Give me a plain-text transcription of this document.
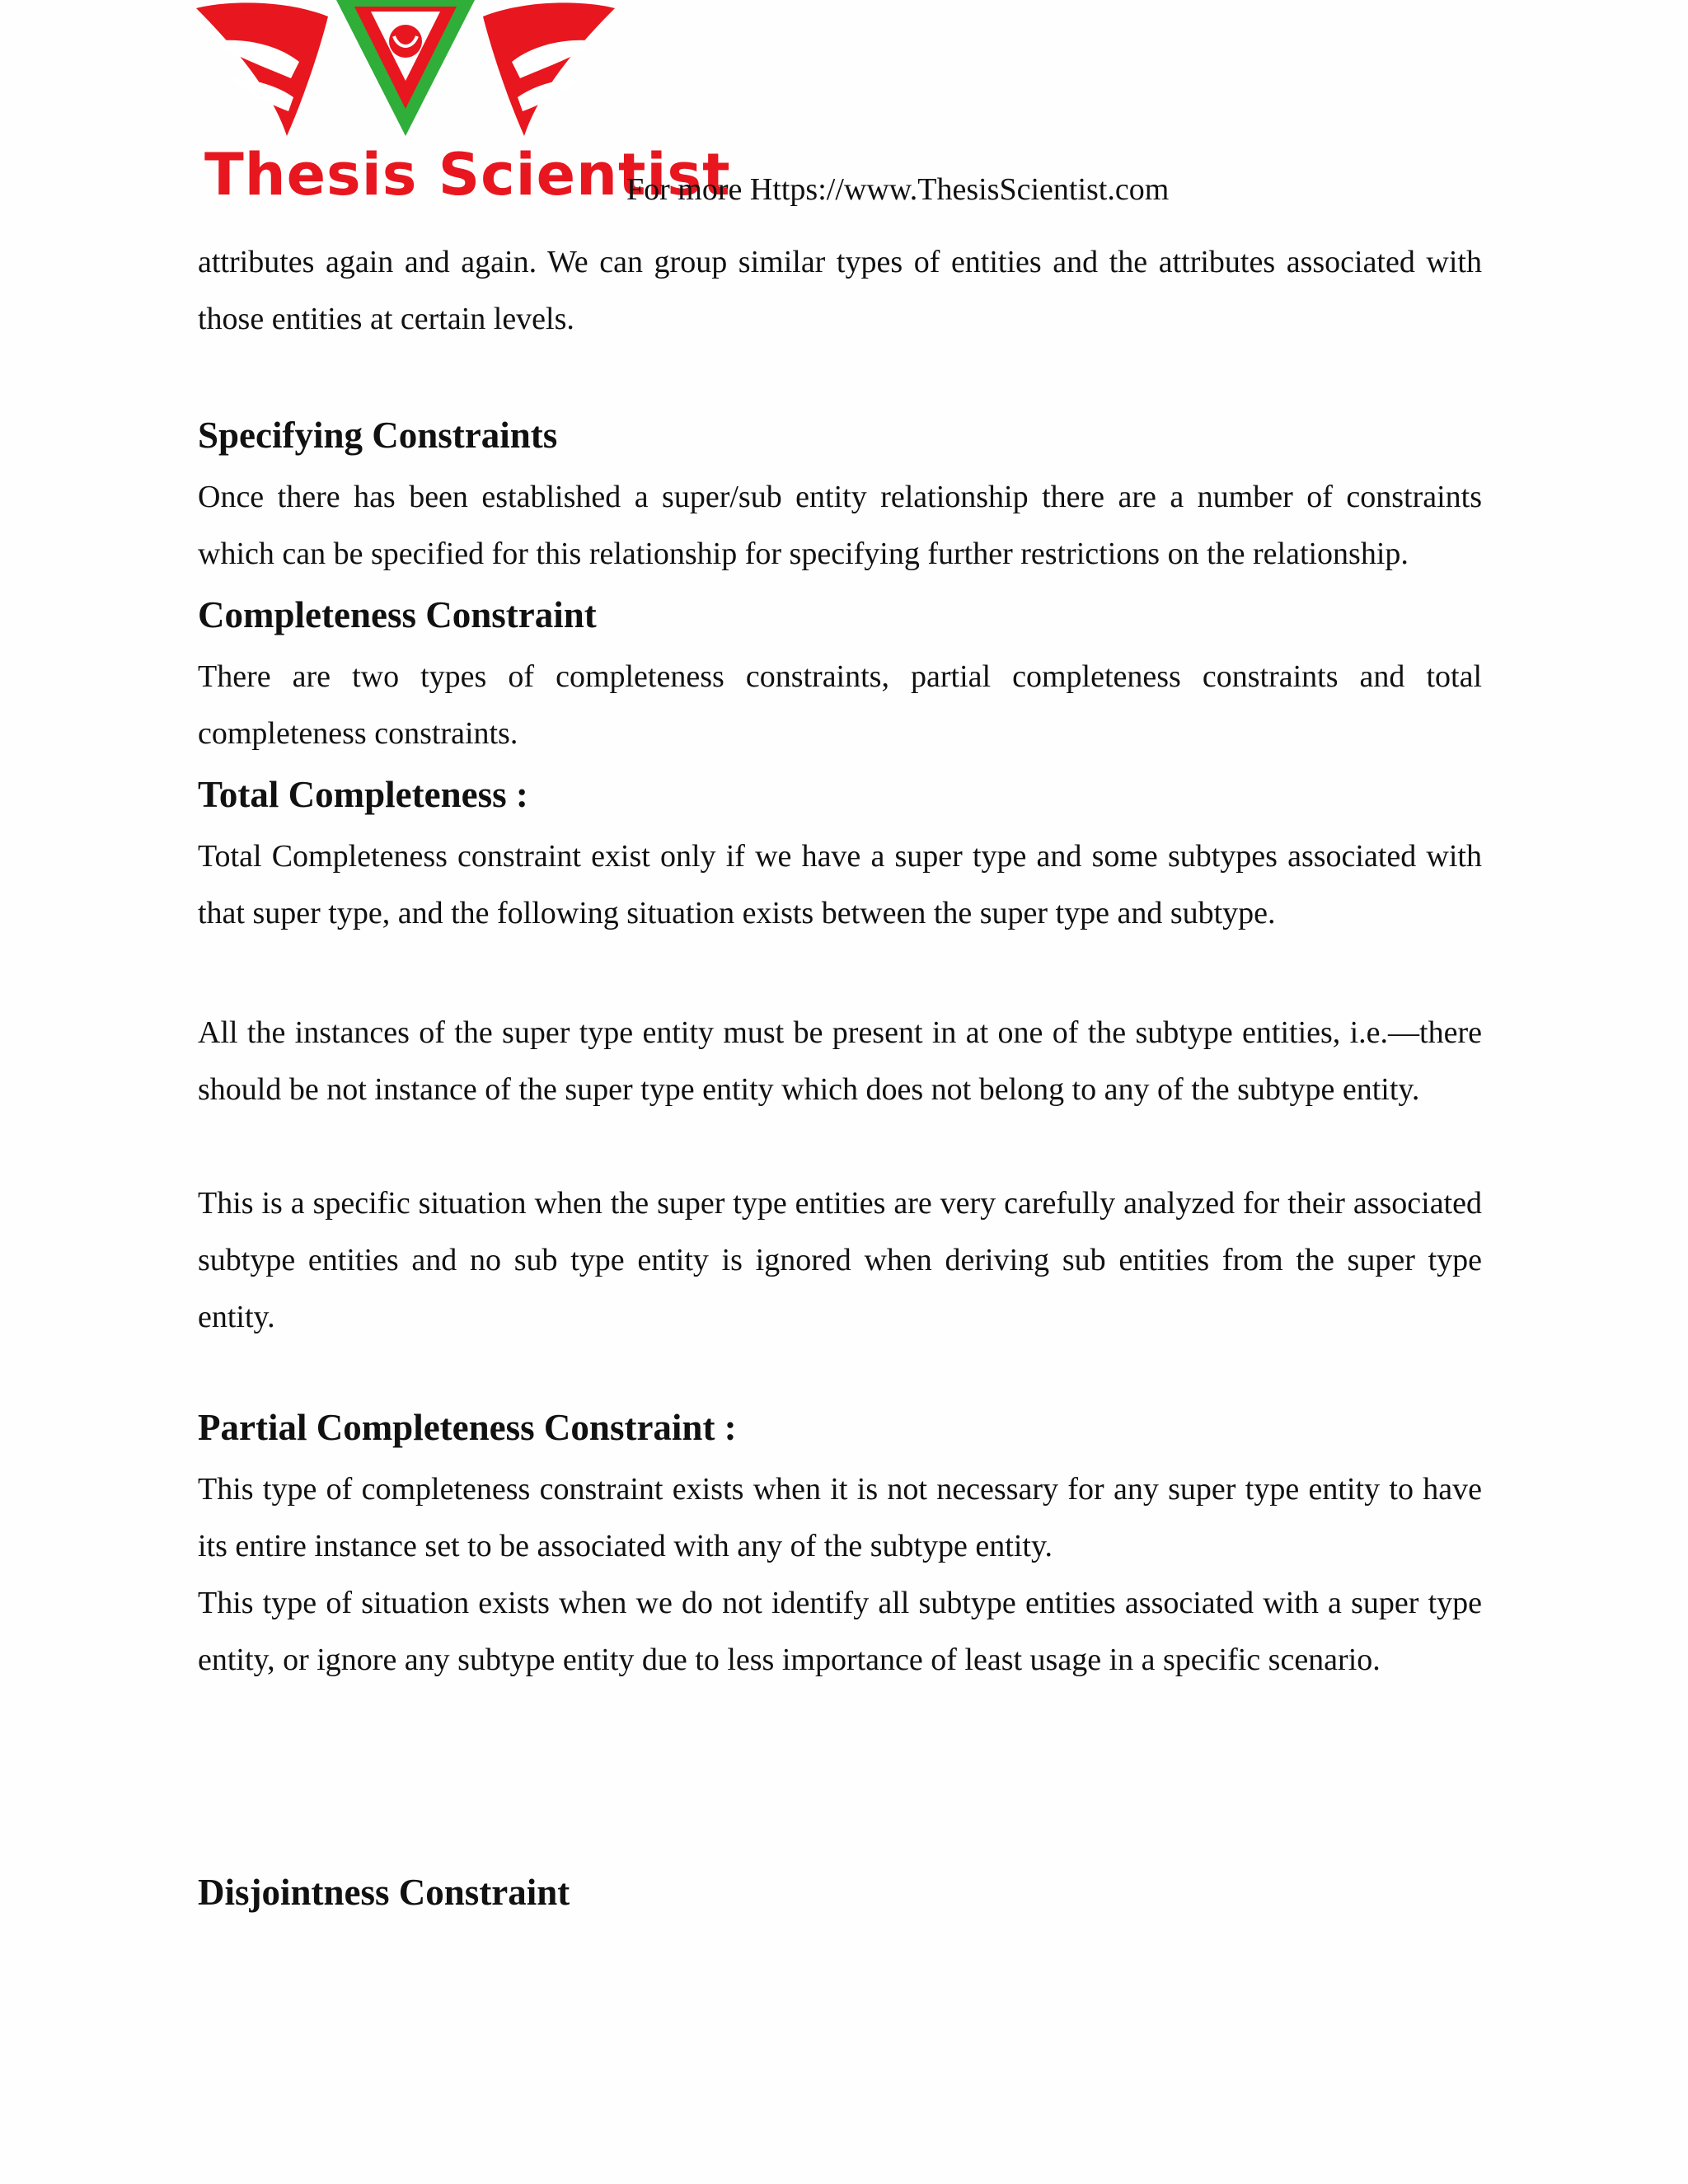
Thesis Scientist
For more Https://www.ThesisScientist.com

attributes again and again. We can group similar types of entities and the attributes associated with those entities at certain levels.

Specifying Constraints

Once there has been established a super/sub entity relationship there are a number of constraints which can be specified for this relationship for specifying further restrictions on the relationship.

Completeness Constraint

There are two types of completeness constraints, partial completeness constraints and total completeness constraints.

Total Completeness :

Total Completeness constraint exist only if we have a super type and some subtypes associated with that super type, and the following situation exists between the super type and subtype.

All the instances of the super type entity must be present in at one of the subtype entities, i.e.—there should be not instance of the super type entity which does not belong to any of the subtype entity.

This is a specific situation when the super type entities are very carefully analyzed for their associated subtype entities and no sub type entity is ignored when deriving sub entities from the super type entity.

Partial Completeness Constraint :

This type of completeness constraint exists when it is not necessary for any super type entity to have its entire instance set to be associated with any of the subtype entity.

This type of situation exists when we do not identify all subtype entities associated with a super type entity, or ignore any subtype entity due to less importance of least usage in a specific scenario.

Disjointness Constraint
